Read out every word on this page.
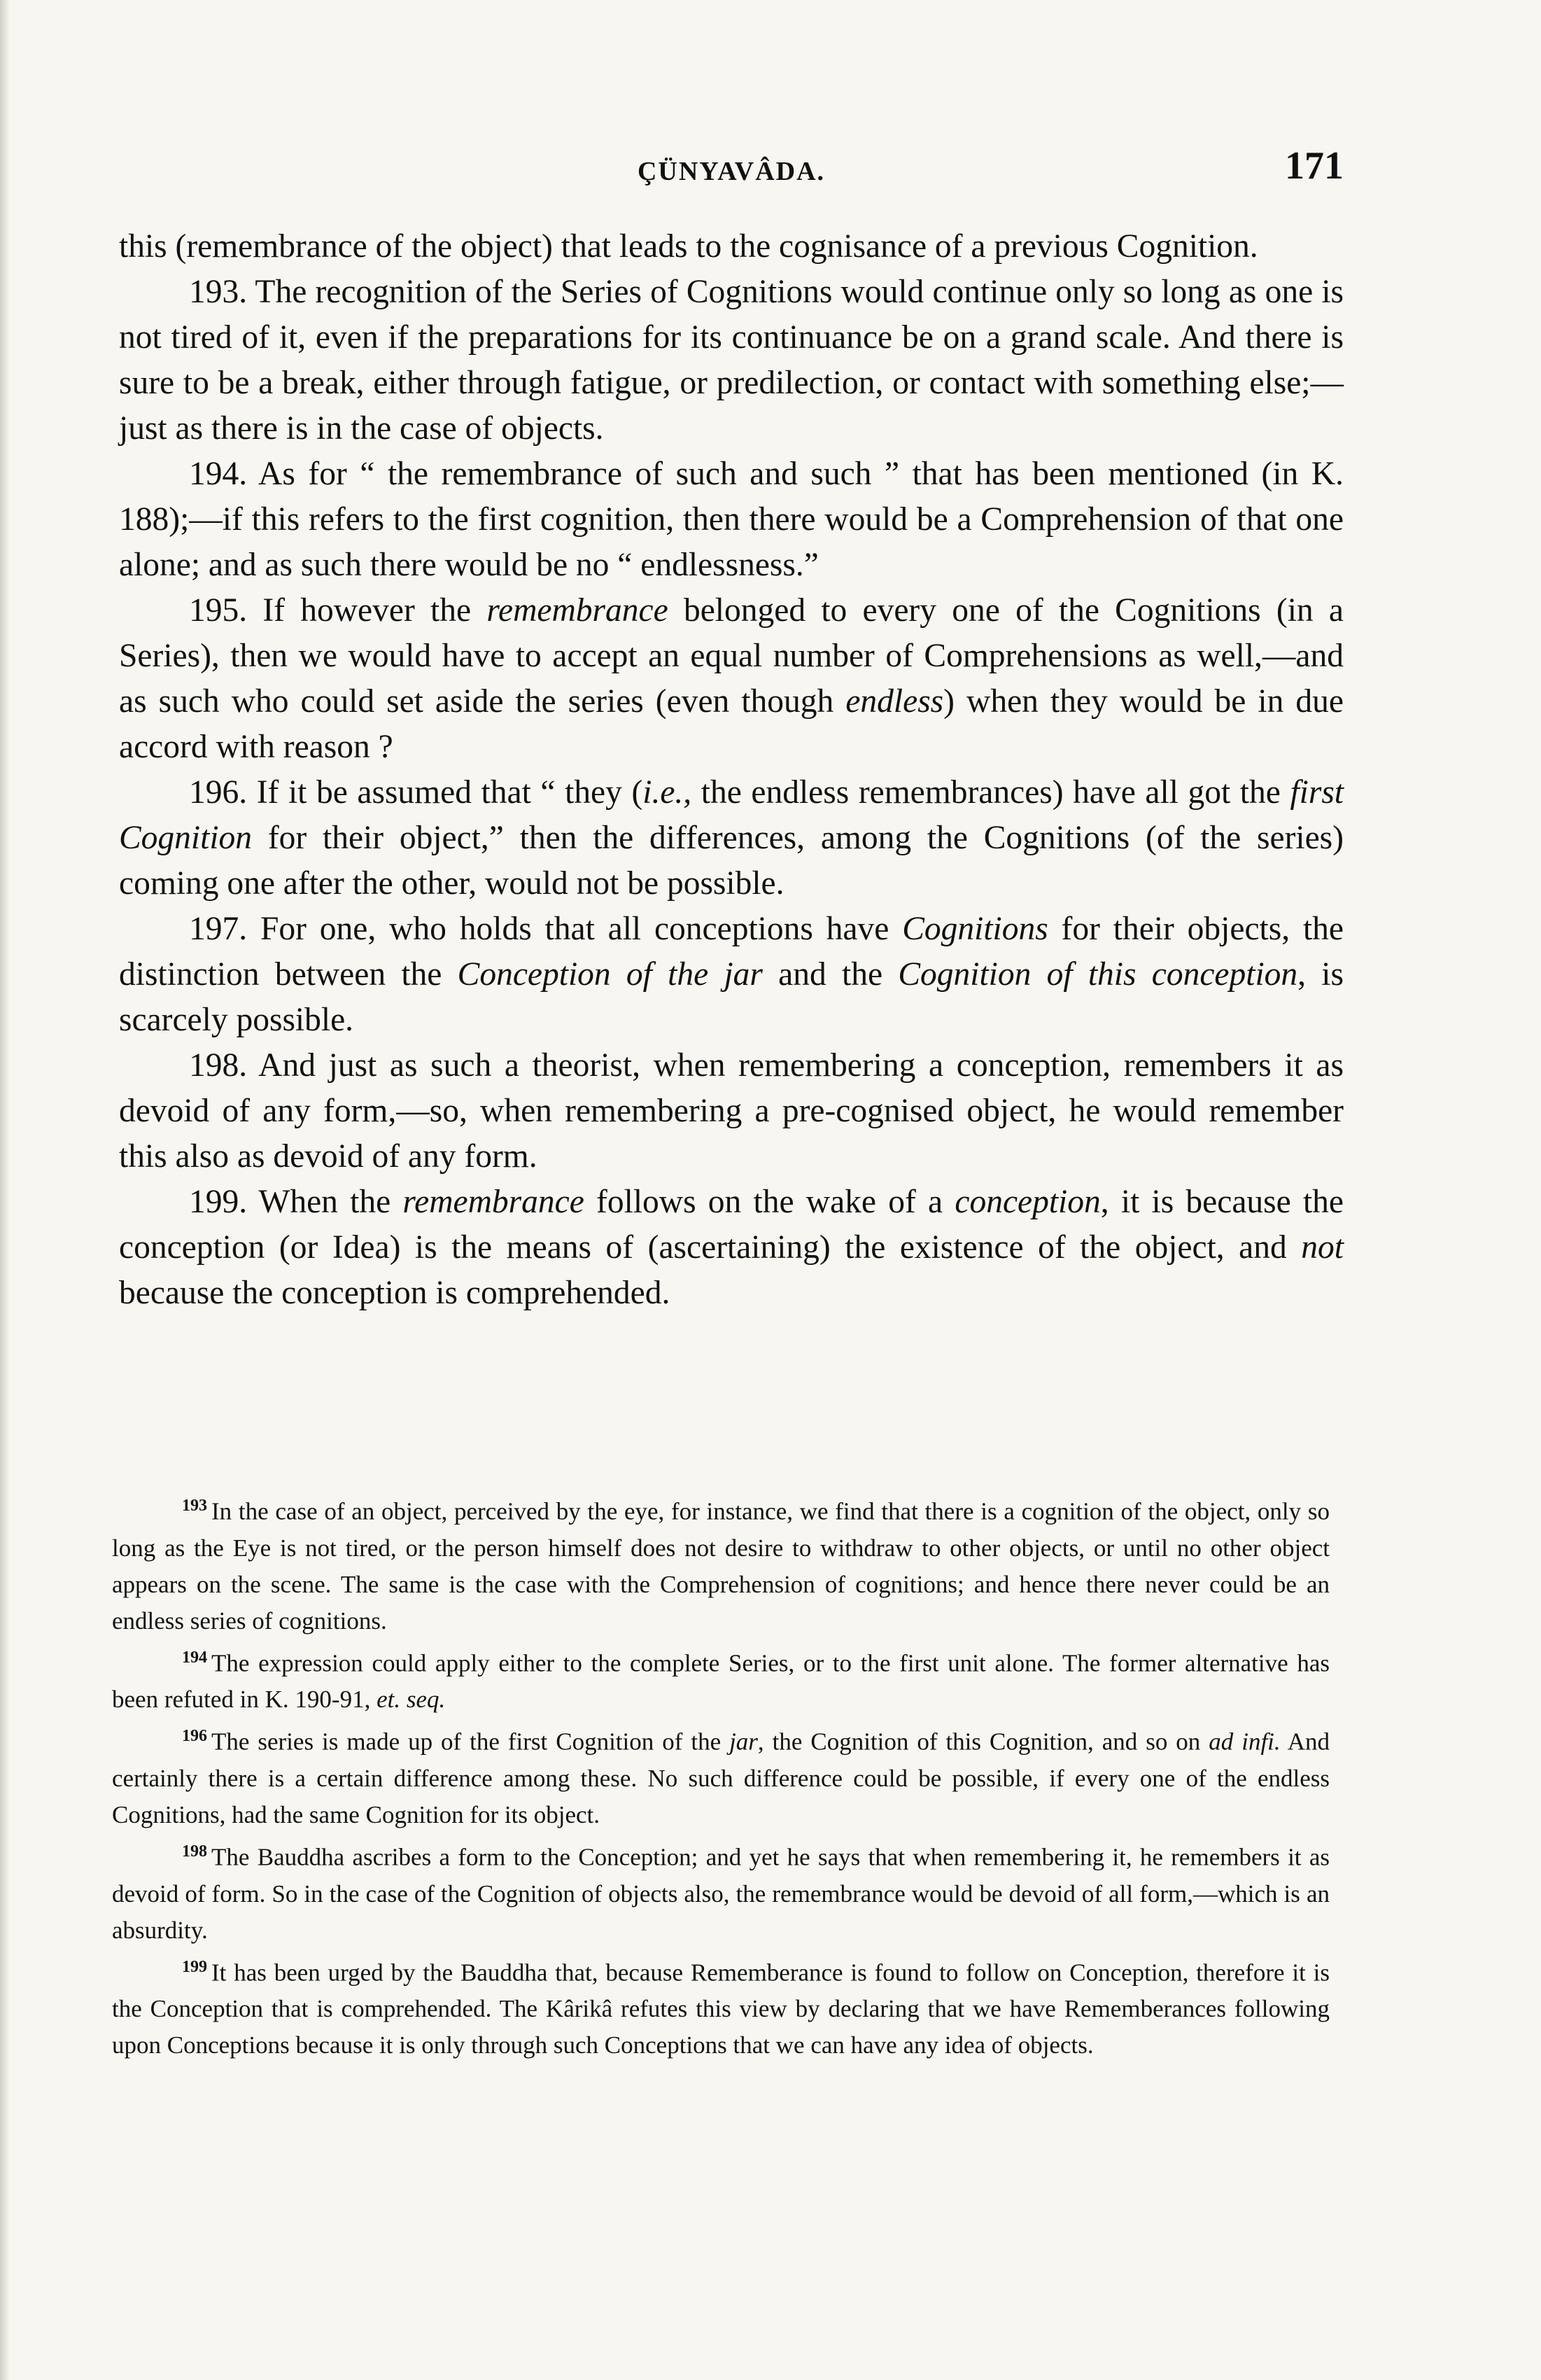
ÇÜNYAVÂDA.	171

this (remembrance of the object) that leads to the cognisance of a previous Cognition.

193. The recognition of the Series of Cognitions would continue only so long as one is not tired of it, even if the preparations for its continuance be on a grand scale. And there is sure to be a break, either through fatigue, or predilection, or contact with something else;—just as there is in the case of objects.

194. As for “ the remembrance of such and such ” that has been mentioned (in K. 188);—if this refers to the first cognition, then there would be a Comprehension of that one alone; and as such there would be no “ endlessness.”

195. If however the remembrance belonged to every one of the Cognitions (in a Series), then we would have to accept an equal number of Comprehensions as well,—and as such who could set aside the series (even though endless) when they would be in due accord with reason ?

196. If it be assumed that “ they (i.e., the endless remembrances) have all got the first Cognition for their object,” then the differences, among the Cognitions (of the series) coming one after the other, would not be possible.

197. For one, who holds that all conceptions have Cognitions for their objects, the distinction between the Conception of the jar and the Cognition of this conception, is scarcely possible.

198. And just as such a theorist, when remembering a conception, remembers it as devoid of any form,—so, when remembering a pre-cognised object, he would remember this also as devoid of any form.

199. When the remembrance follows on the wake of a conception, it is because the conception (or Idea) is the means of (ascertaining) the existence of the object, and not because the conception is comprehended.

$^{193}$ In the case of an object, perceived by the eye, for instance, we find that there is a cognition of the object, only so long as the Eye is not tired, or the person himself does not desire to withdraw to other objects, or until no other object appears on the scene. The same is the case with the Comprehension of cognitions; and hence there never could be an endless series of cognitions.

$^{194}$ The expression could apply either to the complete Series, or to the first unit alone. The former alternative has been refuted in K. 190-91, et. seq.

$^{196}$ The series is made up of the first Cognition of the jar, the Cognition of this Cognition, and so on ad infi. And certainly there is a certain difference among these. No such difference could be possible, if every one of the endless Cognitions, had the same Cognition for its object.

$^{198}$ The Bauddha ascribes a form to the Conception; and yet he says that when remembering it, he remembers it as devoid of form. So in the case of the Cognition of objects also, the remembrance would be devoid of all form,—which is an absurdity.

$^{199}$ It has been urged by the Bauddha that, because Rememberance is found to follow on Conception, therefore it is the Conception that is comprehended. The Kârikâ refutes this view by declaring that we have Rememberances following upon Conceptions because it is only through such Conceptions that we can have any idea of objects.
